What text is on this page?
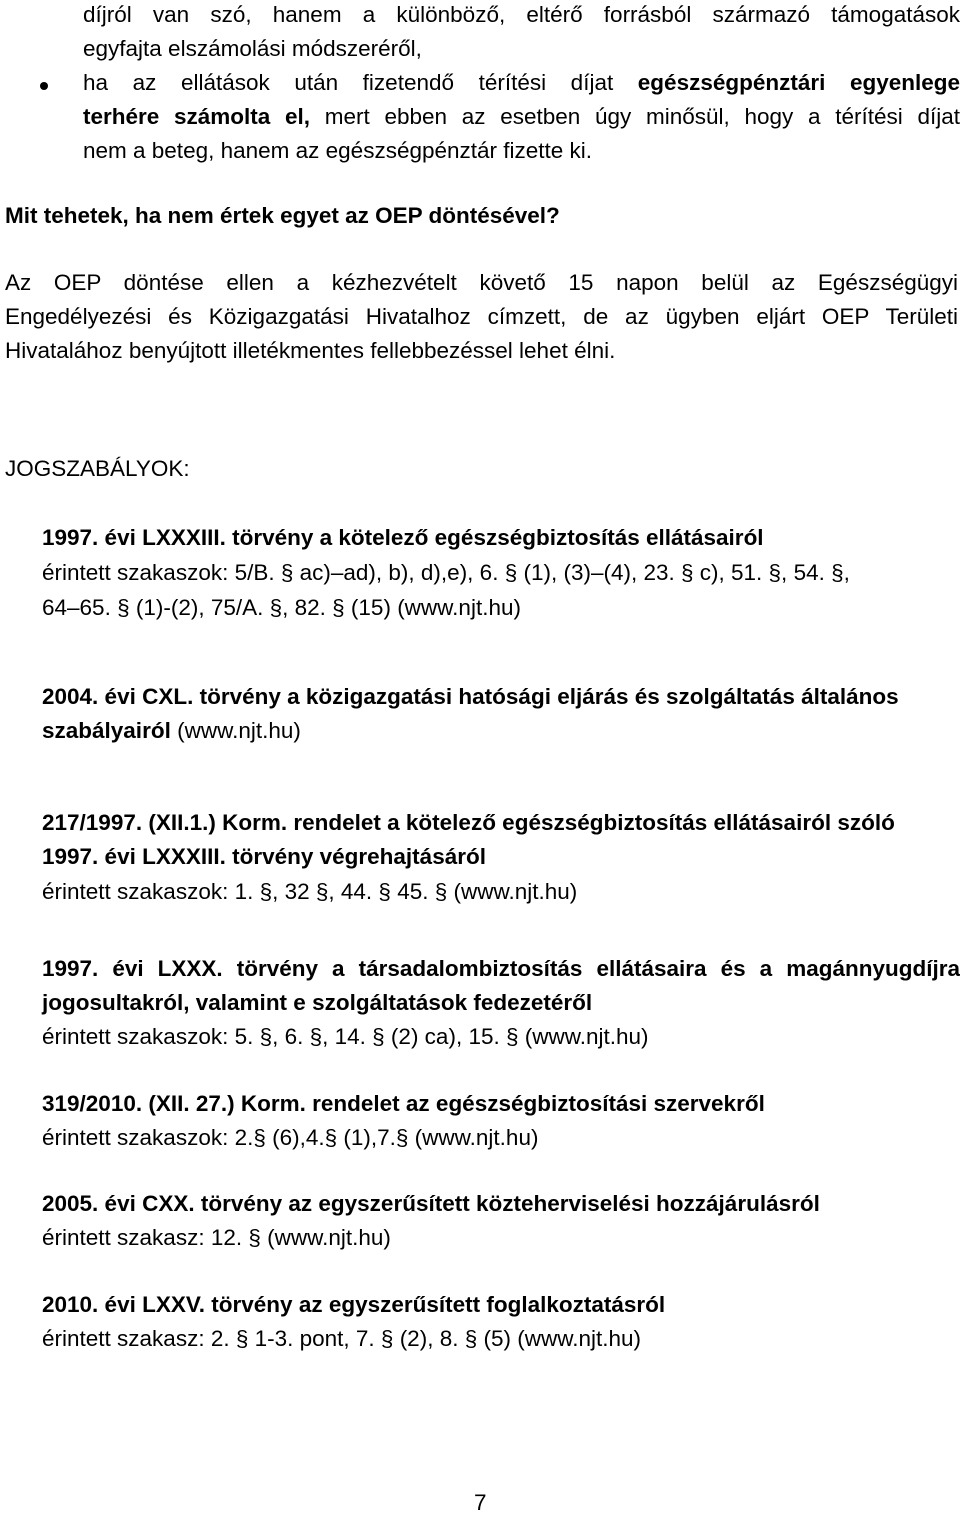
díjról van szó, hanem a különböző, eltérő forrásból származó támogatások
egyfajta elszámolási módszeréről,
ha az ellátások után fizetendő térítési díjat egészségpénztári egyenlege
terhére számolta el, mert ebben az esetben úgy minősül, hogy a térítési díjat
nem a beteg, hanem az egészségpénztár fizette ki.
Mit tehetek, ha nem értek egyet az OEP döntésével?
Az OEP döntése ellen a kézhezvételt követő 15 napon belül az Egészségügyi
Engedélyezési és Közigazgatási Hivatalhoz címzett, de az ügyben eljárt OEP Területi
Hivatalához benyújtott illetékmentes fellebbezéssel lehet élni.
JOGSZABÁLYOK:
1997. évi LXXXIII. törvény a kötelező egészségbiztosítás ellátásairól
érintett szakaszok: 5/B. § ac)–ad), b), d),e), 6. § (1), (3)–(4), 23. § c), 51. §, 54. §,
64–65. § (1)-(2), 75/A. §, 82. § (15) (www.njt.hu)
2004. évi CXL. törvény a közigazgatási hatósági eljárás és szolgáltatás általános
szabályairól (www.njt.hu)
217/1997. (XII.1.) Korm. rendelet a kötelező egészségbiztosítás ellátásairól szóló
1997. évi LXXXIII. törvény végrehajtásáról
érintett szakaszok: 1. §, 32 §, 44. § 45. § (www.njt.hu)
1997. évi LXXX. törvény a társadalombiztosítás ellátásaira és a magánnyugdíjra
jogosultakról, valamint e szolgáltatások fedezetéről
érintett szakaszok: 5. §, 6. §, 14. § (2) ca), 15. § (www.njt.hu)
319/2010. (XII. 27.) Korm. rendelet az egészségbiztosítási szervekről
érintett szakaszok: 2.§ (6),4.§ (1),7.§ (www.njt.hu)
2005. évi CXX. törvény az egyszerűsített közteherviselési hozzájárulásról
érintett szakasz: 12. § (www.njt.hu)
2010. évi LXXV. törvény az egyszerűsített foglalkoztatásról
érintett szakasz: 2. § 1-3. pont, 7. § (2), 8. § (5) (www.njt.hu)
7
